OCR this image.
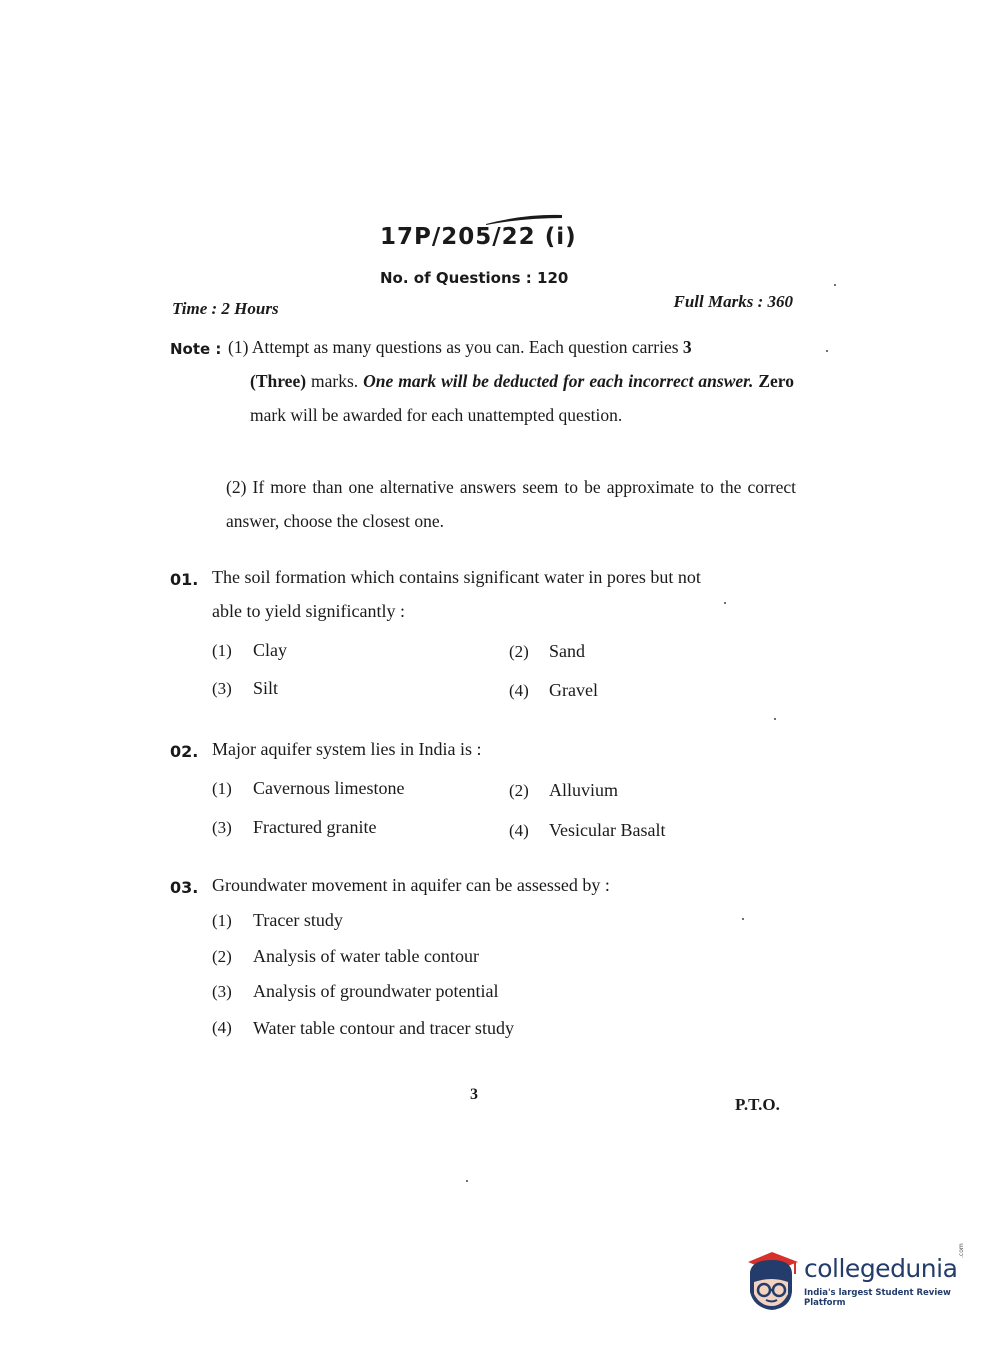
17P/205/22 (i)
No. of Questions : 120
Time : 2 Hours	Full Marks : 360
Note : (1) Attempt as many questions as you can. Each question carries 3
(Three) marks. One mark will be deducted for each incorrect answer. Zero mark will be awarded for each unattempted question.
(2) If more than one alternative answers seem to be approximate to the correct answer, choose the closest one.
01. The soil formation which contains significant water in pores but not
able to yield significantly :
(1) Clay	(2) Sand
(3) Silt	(4) Gravel
02. Major aquifer system lies in India is :
(1) Cavernous limestone	(2) Alluvium
(3) Fractured granite	(4) Vesicular Basalt
03. Groundwater movement in aquifer can be assessed by :
(1) Tracer study
(2) Analysis of water table contour
(3) Analysis of groundwater potential
(4) Water table contour and tracer study
3
P.T.O.
collegedunia
.com
India's largest Student Review Platform
